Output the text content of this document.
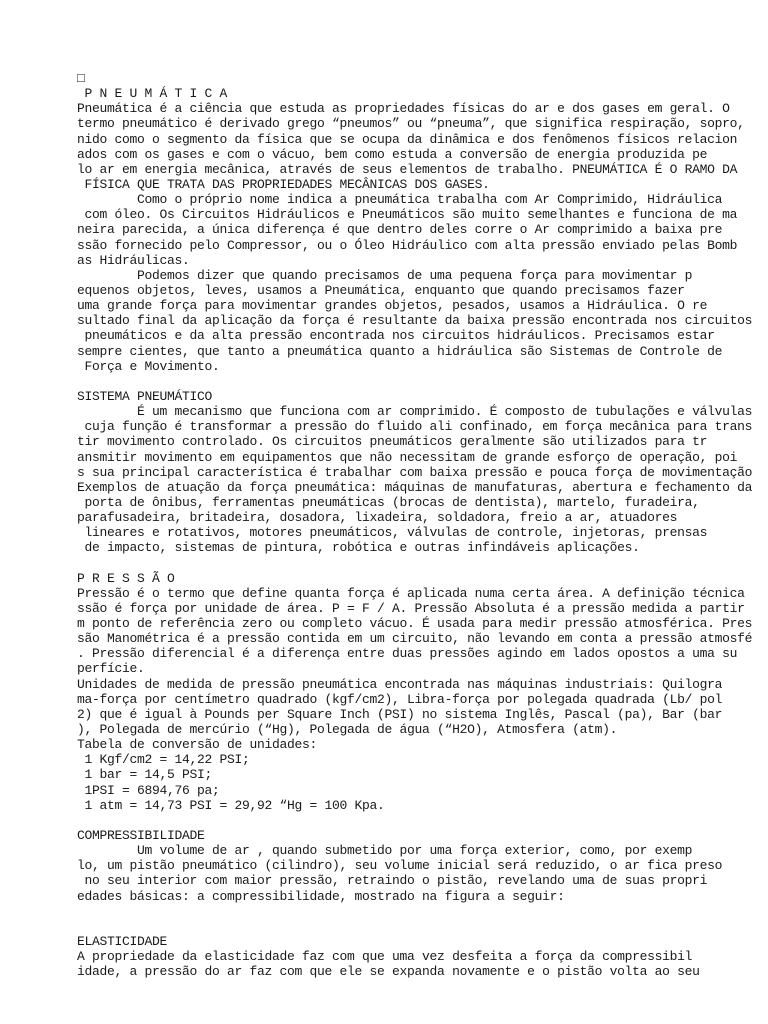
□
P N E U M Á T I C A
Pneumática é a ciência que estuda as propriedades físicas do ar e dos gases em geral. O
termo pneumático é derivado grego “pneumos” ou “pneuma”, que significa respiração, sopro,
nido como o segmento da física que se ocupa da dinâmica e dos fenômenos físicos relacion
ados com os gases e com o vácuo, bem como estuda a conversão de energia produzida pe
lo ar em energia mecânica, através de seus elementos de trabalho. PNEUMÁTICA É O RAMO DA
FÍSICA QUE TRATA DAS PROPRIEDADES MECÂNICAS DOS GASES.
Como o próprio nome indica a pneumática trabalha com Ar Comprimido, Hidráulica
com óleo. Os Circuitos Hidráulicos e Pneumáticos são muito semelhantes e funciona de ma
neira parecida, a única diferença é que dentro deles corre o Ar comprimido a baixa pre
ssão fornecido pelo Compressor, ou o Óleo Hidráulico com alta pressão enviado pelas Bomb
as Hidráulicas.
Podemos dizer que quando precisamos de uma pequena força para movimentar p
equenos objetos, leves, usamos a Pneumática, enquanto que quando precisamos fazer
uma grande força para movimentar grandes objetos, pesados, usamos a Hidráulica. O re
sultado final da aplicação da força é resultante da baixa pressão encontrada nos circuitos
pneumáticos e da alta pressão encontrada nos circuitos hidráulicos. Precisamos estar
sempre cientes, que tanto a pneumática quanto a hidráulica são Sistemas de Controle de
Força e Movimento.
SISTEMA PNEUMÁTICO
É um mecanismo que funciona com ar comprimido. É composto de tubulações e válvulas
cuja função é transformar a pressão do fluido ali confinado, em força mecânica para trans
tir movimento controlado. Os circuitos pneumáticos geralmente são utilizados para tr
ansmitir movimento em equipamentos que não necessitam de grande esforço de operação, poi
s sua principal característica é trabalhar com baixa pressão e pouca força de movimentação
Exemplos de atuação da força pneumática: máquinas de manufaturas, abertura e fechamento da
porta de ônibus, ferramentas pneumáticas (brocas de dentista), martelo, furadeira,
parafusadeira, britadeira, dosadora, lixadeira, soldadora, freio a ar, atuadores
lineares e rotativos, motores pneumáticos, válvulas de controle, injetoras, prensas
de impacto, sistemas de pintura, robótica e outras infindáveis aplicações.
P R E S S Ã O
Pressão é o termo que define quanta força é aplicada numa certa área. A definição técnica
ssão é força por unidade de área. P = F / A. Pressão Absoluta é a pressão medida a partir
m ponto de referência zero ou completo vácuo. É usada para medir pressão atmosférica. Pres
são Manométrica é a pressão contida em um circuito, não levando em conta a pressão atmosfé
. Pressão diferencial é a diferença entre duas pressões agindo em lados opostos a uma su
perfície.
Unidades de medida de pressão pneumática encontrada nas máquinas industriais: Quilogra
ma-força por centímetro quadrado (kgf/cm2), Libra-força por polegada quadrada (Lb/ pol
2) que é igual à Pounds per Square Inch (PSI) no sistema Inglês, Pascal (pa), Bar (bar
), Polegada de mercúrio (“Hg), Polegada de água (“H2O), Atmosfera (atm).
Tabela de conversão de unidades:
1 Kgf/cm2 = 14,22 PSI;
1 bar = 14,5 PSI;
1PSI = 6894,76 pa;
1 atm = 14,73 PSI = 29,92 “Hg = 100 Kpa.
COMPRESSIBILIDADE
Um volume de ar , quando submetido por uma força exterior, como, por exemp
lo, um pistão pneumático (cilindro), seu volume inicial será reduzido, o ar fica preso
no seu interior com maior pressão, retraindo o pistão, revelando uma de suas propri
edades básicas: a compressibilidade, mostrado na figura a seguir:
ELASTICIDADE
A propriedade da elasticidade faz com que uma vez desfeita a força da compressibil
idade, a pressão do ar faz com que ele se expanda novamente e o pistão volta ao seu
